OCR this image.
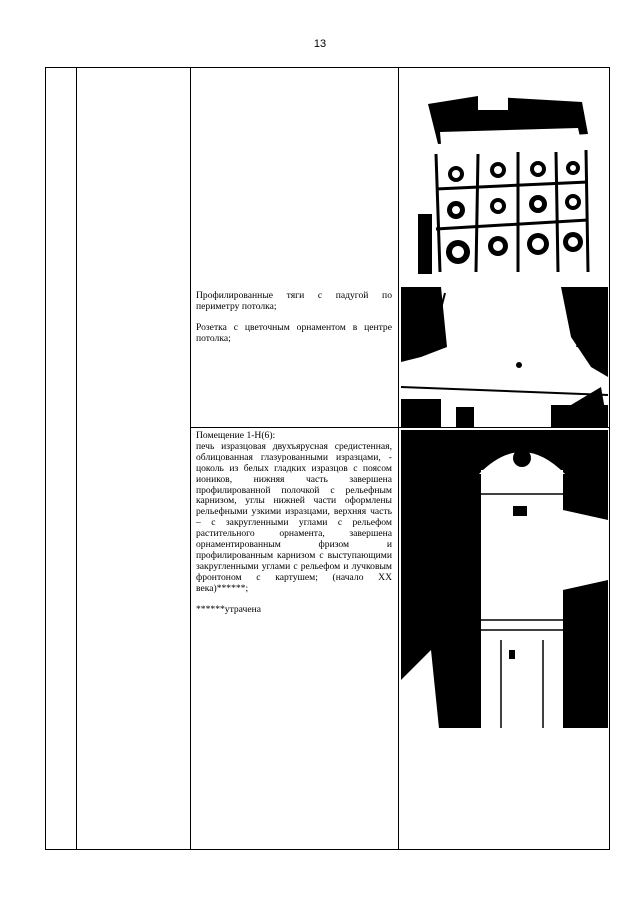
13

Профилированные тяги с падугой по периметру потолка;

Розетка с цветочным орнаментом в центре потолка;

Помещение 1-Н(6):

печь изразцовая двухъярусная средистенная, облицованная глазурованными изразцами, - цоколь из белых гладких изразцов с поясом иоников, нижняя часть завершена профилированной полочкой с рельефным карнизом, углы нижней части оформлены рельефными узкими изразцами, верхняя часть – с закругленными углами с рельефом растительного орнамента, завершена орнаментированным фризом и профилированным карнизом с выступающими закругленными углами с рельефом и лучковым фронтоном с картушем; (начало XX века)******;

******утрачена
